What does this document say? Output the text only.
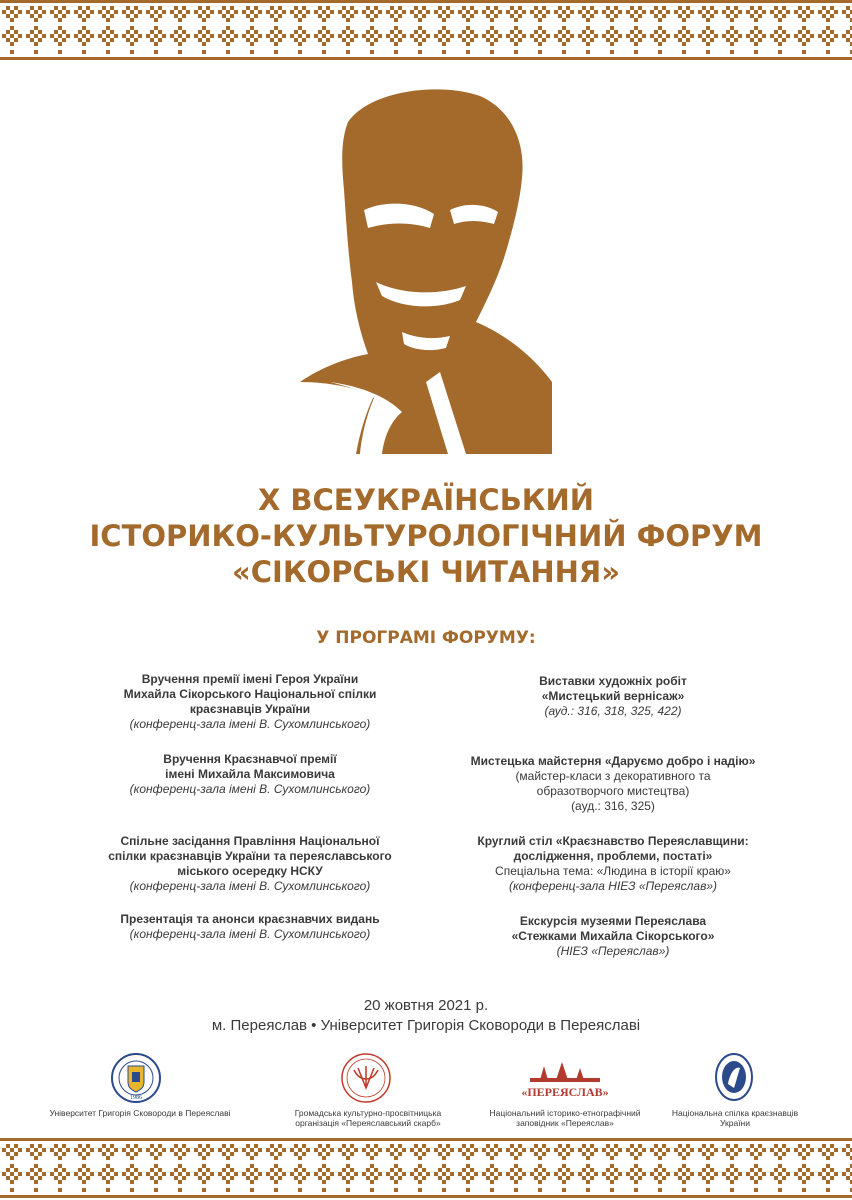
X ВСЕУКРАЇНСЬКИЙ
ІСТОРИКО-КУЛЬТУРОЛОГІЧНИЙ ФОРУМ
«СІКОРСЬКІ ЧИТАННЯ»
У ПРОГРАМІ ФОРУМУ:
Вручення премії імені Героя України
Михайла Сікорського Національної спілки
краєзнавців України
(конференц-зала імені В. Сухомлинського)
Вручення Краєзнавчої премії
імені Михайла Максимовича
(конференц-зала імені В. Сухомлинського)
Спільне засідання Правління Національної
спілки краєзнавців України та переяславського
міського осередку НСКУ
(конференц-зала імені В. Сухомлинського)
Презентація та анонси краєзнавчих видань
(конференц-зала імені В. Сухомлинського)
Виставки художніх робіт
«Мистецький вернісаж»
(ауд.: 316, 318, 325, 422)
Мистецька майстерня «Даруємо добро і надію»
(майстер-класи з декоративного та
образотворчого мистецтва)
(ауд.: 316, 325)
Круглий стіл «Краєзнавство Переяславщини:
дослідження, проблеми, постаті»
Спеціальна тема: «Людина в історії краю»
(конференц-зала НІЕЗ «Переяслав»)
Екскурсія музеями Переяслава
«Стежками Михайла Сікорського»
(НІЕЗ «Переяслав»)
20 жовтня 2021 р.
м. Переяслав • Університет Григорія Сковороди в Переяславі
1986
Університет Григорія Сковороди в Переяславі	Громадська культурно-просвітницька
організація «Переяславський скарб»
«ПЕРЕЯСЛАВ»
Національний історико-етнографічний
заповідник «Переяслав»
Національна спілка краєзнавців
України
